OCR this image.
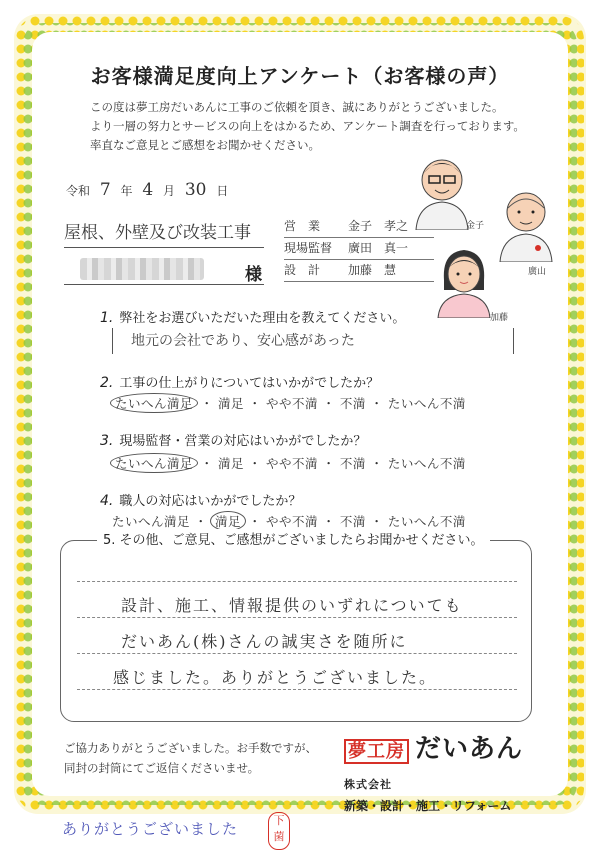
お客様満足度向上アンケート（お客様の声）
この度は夢工房だいあんに工事のご依頼を頂き、誠にありがとうございました。
より一層の努力とサービスの向上をはかるため、アンケート調査を行っております。
率直なご意見とご感想をお聞かせください。
令和 7 年 4 月 30 日
屋根、外壁及び改装工事
様
営　業	金子　孝之
現場監督	廣田　真一
設　計	加藤　慧
金子
廣山
加藤
1. 弊社をお選びいただいた理由を教えてください。
地元の会社であり、安心感があった
2. 工事の仕上がりについてはいかがでしたか？
たいへん満足 ・ 満足 ・ やや不満 ・ 不満 ・ たいへん不満
3. 現場監督・営業の対応はいかがでしたか？
たいへん満足 ・ 満足 ・ やや不満 ・ 不満 ・ たいへん不満
4. 職人の対応はいかがでしたか？
たいへん満足 ・ 満足 ・ やや不満 ・ 不満 ・ たいへん不満
5. その他、ご意見、ご感想がございましたらお聞かせください。
設計、施工、情報提供のいずれについても
だいあん(株)さんの誠実さを随所に
感じました。ありがとうございました。
ご協力ありがとうございました。お手数ですが、
同封の封筒にてご返信くださいませ。
夢工房 だいあん 株式会社
新築・設計・施工・リフォーム
ありがとうございました	下菌
